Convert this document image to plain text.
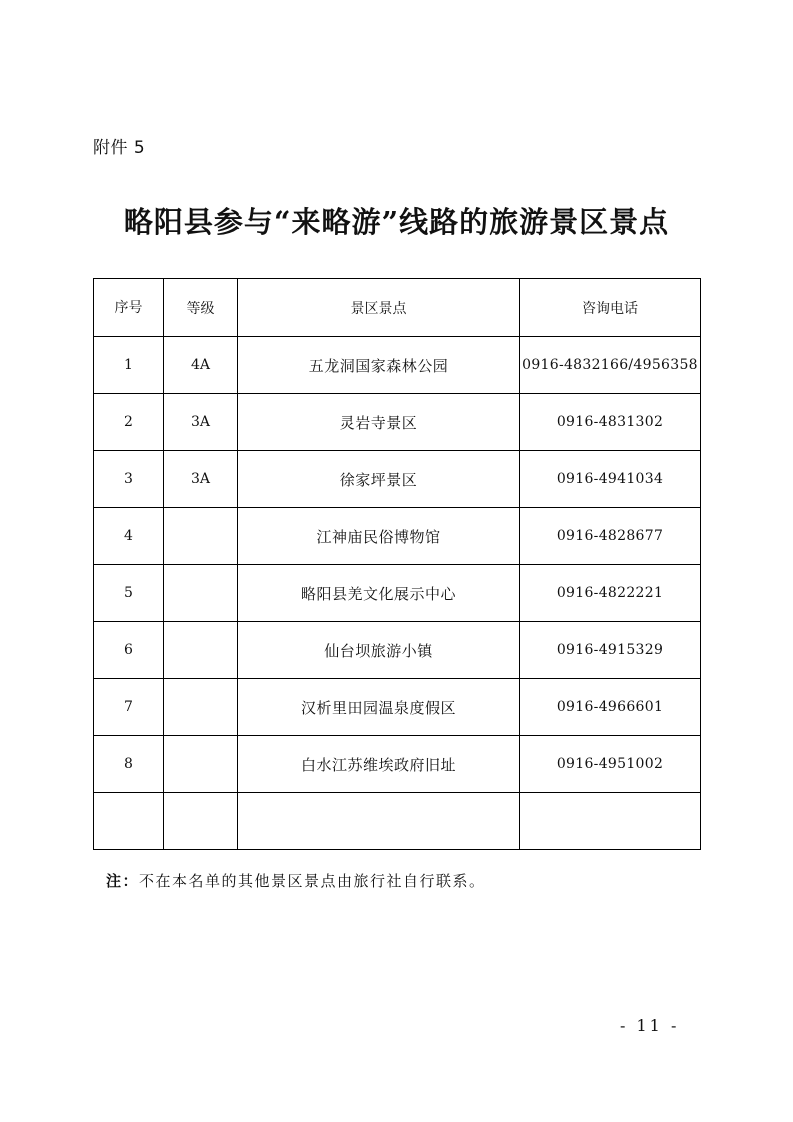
附件 5
略阳县参与“来略游”线路的旅游景区景点
序号	等级	景区景点	咨询电话
1	4A	五龙洞国家森林公园	0916-4832166/4956358
2	3A	灵岩寺景区	0916-4831302
3	3A	徐家坪景区	0916-4941034
4		江神庙民俗博物馆	0916-4828677
5		略阳县羌文化展示中心	0916-4822221
6		仙台坝旅游小镇	0916-4915329
7		汉析里田园温泉度假区	0916-4966601
8		白水江苏维埃政府旧址	0916-4951002

注：不在本名单的其他景区景点由旅行社自行联系。
- 11 -
